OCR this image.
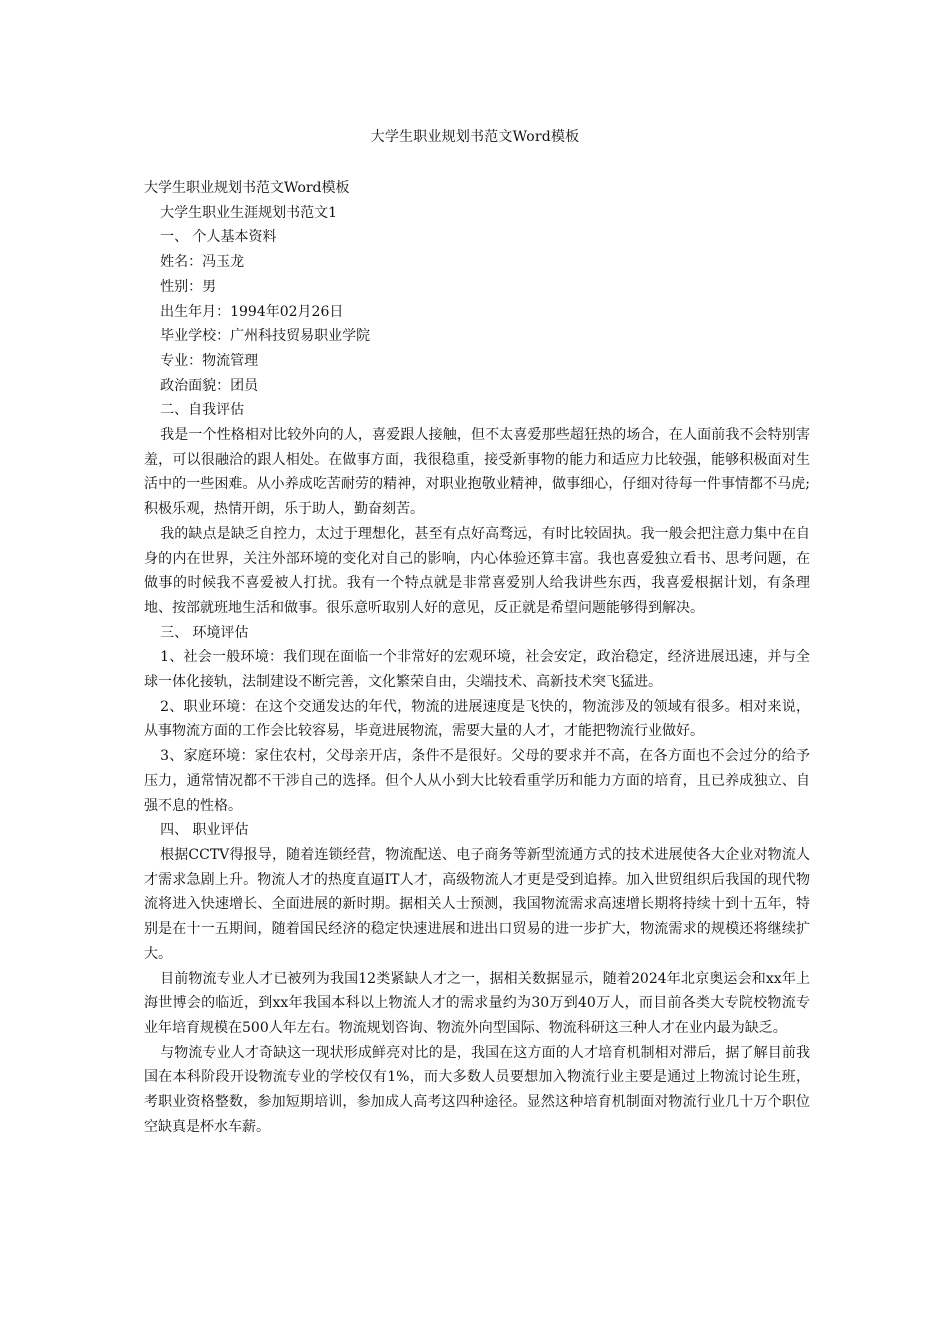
大学生职业规划书范文Word模板

大学生职业规划书范文Word模板

大学生职业生涯规划书范文1

一、 个人基本资料

姓名：冯玉龙

性别：男

出生年月：1994年02月26日

毕业学校：广州科技贸易职业学院

专业：物流管理

政治面貌：团员

二、自我评估

我是一个性格相对比较外向的人，喜爱跟人接触，但不太喜爱那些超狂热的场合，在人面前我不会特别害羞，可以很融洽的跟人相处。在做事方面，我很稳重，接受新事物的能力和适应力比较强，能够积极面对生活中的一些困难。从小养成吃苦耐劳的精神，对职业抱敬业精神，做事细心，仔细对待每一件事情都不马虎;积极乐观，热情开朗，乐于助人，勤奋刻苦。

我的缺点是缺乏自控力，太过于理想化，甚至有点好高骛远，有时比较固执。我一般会把注意力集中在自身的内在世界，关注外部环境的变化对自己的影响，内心体验还算丰富。我也喜爱独立看书、思考问题，在做事的时候我不喜爱被人打扰。我有一个特点就是非常喜爱别人给我讲些东西，我喜爱根据计划，有条理地、按部就班地生活和做事。很乐意听取别人好的意见，反正就是希望问题能够得到解决。

三、 环境评估

1、社会一般环境：我们现在面临一个非常好的宏观环境，社会安定，政治稳定，经济进展迅速，并与全球一体化接轨，法制建设不断完善，文化繁荣自由，尖端技术、高新技术突飞猛进。

2、职业环境：在这个交通发达的年代，物流的进展速度是飞快的，物流涉及的领域有很多。相对来说，从事物流方面的工作会比较容易，毕竟进展物流，需要大量的人才，才能把物流行业做好。

3、家庭环境：家住农村，父母亲开店，条件不是很好。父母的要求并不高，在各方面也不会过分的给予压力，通常情况都不干涉自己的选择。但个人从小到大比较看重学历和能力方面的培育，且已养成独立、自强不息的性格。

四、 职业评估

根据CCTV得报导，随着连锁经营，物流配送、电子商务等新型流通方式的技术进展使各大企业对物流人才需求急剧上升。物流人才的热度直逼IT人才，高级物流人才更是受到追捧。加入世贸组织后我国的现代物流将进入快速增长、全面进展的新时期。据相关人士预测，我国物流需求高速增长期将持续十到十五年，特别是在十一五期间，随着国民经济的稳定快速进展和进出口贸易的进一步扩大，物流需求的规模还将继续扩大。

目前物流专业人才已被列为我国12类紧缺人才之一，据相关数据显示，随着2024年北京奥运会和xx年上海世博会的临近，到xx年我国本科以上物流人才的需求量约为30万到40万人，而目前各类大专院校物流专业年培育规模在500人年左右。物流规划咨询、物流外向型国际、物流科研这三种人才在业内最为缺乏。

与物流专业人才奇缺这一现状形成鲜亮对比的是，我国在这方面的人才培育机制相对滞后，据了解目前我国在本科阶段开设物流专业的学校仅有1%，而大多数人员要想加入物流行业主要是通过上物流讨论生班，考职业资格整数，参加短期培训，参加成人高考这四种途径。显然这种培育机制面对物流行业几十万个职位空缺真是杯水车薪。
